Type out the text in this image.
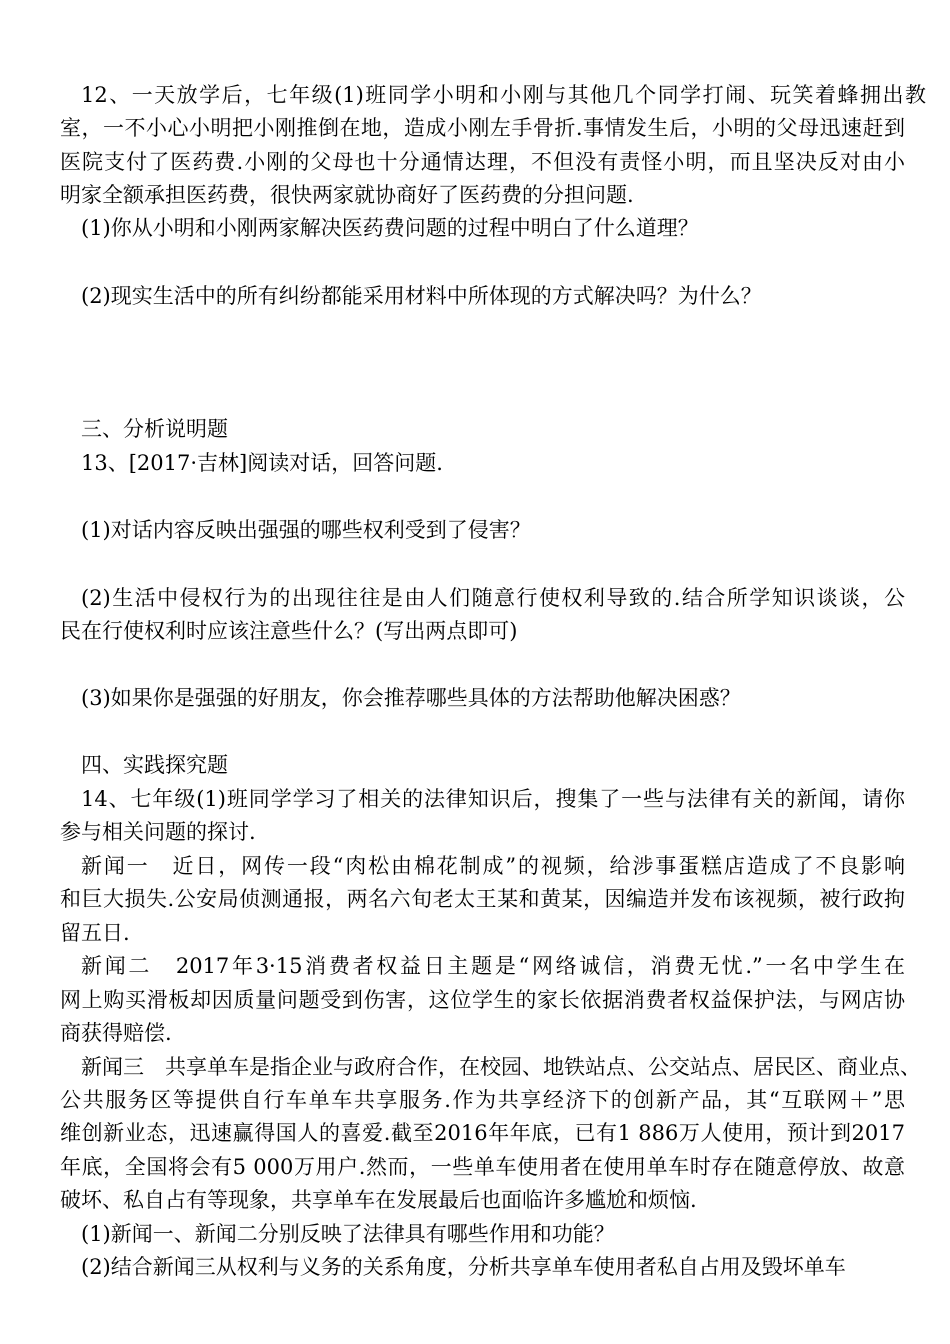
12、一天放学后，七年级(1)班同学小明和小刚与其他几个同学打闹、玩笑着蜂拥出教
室，一不小心小明把小刚推倒在地，造成小刚左手骨折.事情发生后，小明的父母迅速赶到
医院支付了医药费.小刚的父母也十分通情达理，不但没有责怪小明，而且坚决反对由小
明家全额承担医药费，很快两家就协商好了医药费的分担问题.
(1)你从小明和小刚两家解决医药费问题的过程中明白了什么道理？
(2)现实生活中的所有纠纷都能采用材料中所体现的方式解决吗？为什么？
三、分析说明题
13、[2017·吉林]阅读对话，回答问题.
(1)对话内容反映出强强的哪些权利受到了侵害？
(2)生活中侵权行为的出现往往是由人们随意行使权利导致的.结合所学知识谈谈，公
民在行使权利时应该注意些什么？(写出两点即可)
(3)如果你是强强的好朋友，你会推荐哪些具体的方法帮助他解决困惑？
四、实践探究题
14、七年级(1)班同学学习了相关的法律知识后，搜集了一些与法律有关的新闻，请你
参与相关问题的探讨.
新闻一　近日，网传一段“肉松由棉花制成”的视频，给涉事蛋糕店造成了不良影响
和巨大损失.公安局侦测通报，两名六旬老太王某和黄某，因编造并发布该视频，被行政拘
留五日.
新闻二　2017年3·15消费者权益日主题是“网络诚信，消费无忧.”一名中学生在
网上购买滑板却因质量问题受到伤害，这位学生的家长依据消费者权益保护法，与网店协
商获得赔偿.
新闻三　共享单车是指企业与政府合作，在校园、地铁站点、公交站点、居民区、商业点、
公共服务区等提供自行车单车共享服务.作为共享经济下的创新产品，其“互联网＋”思
维创新业态，迅速赢得国人的喜爱.截至2016年年底，已有1 886万人使用，预计到2017
年底，全国将会有5 000万用户.然而，一些单车使用者在使用单车时存在随意停放、故意
破坏、私自占有等现象，共享单车在发展最后也面临许多尴尬和烦恼.
(1)新闻一、新闻二分别反映了法律具有哪些作用和功能？
(2)结合新闻三从权利与义务的关系角度，分析共享单车使用者私自占用及毁坏单车
